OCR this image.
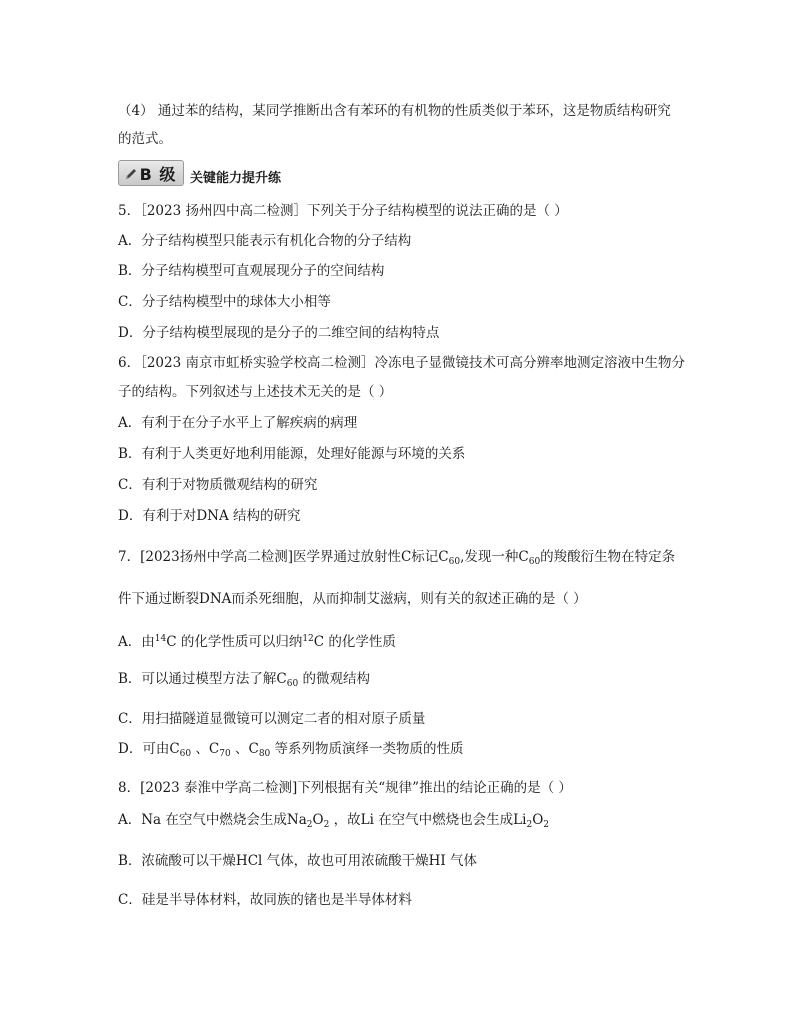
（4） 通过苯的结构，某同学推断出含有苯环的有机物的性质类似于苯环，这是物质结构研究
的范式。
B 级 关键能力提升练
5．［2023 扬州四中高二检测］下列关于分子结构模型的说法正确的是（ ）
A．分子结构模型只能表示有机化合物的分子结构
B．分子结构模型可直观展现分子的空间结构
C．分子结构模型中的球体大小相等
D．分子结构模型展现的是分子的二维空间的结构特点
6．［2023 南京市虹桥实验学校高二检测］冷冻电子显微镜技术可高分辨率地测定溶液中生物分
子的结构。下列叙述与上述技术无关的是（ ）
A．有利于在分子水平上了解疾病的病理
B．有利于人类更好地利用能源，处理好能源与环境的关系
C．有利于对物质微观结构的研究
D．有利于对DNA 结构的研究
7．[2023扬州中学高二检测]医学界通过放射性C标记$C_{60}$,发现一种$C_{60}$的羧酸衍生物在特定条
件下通过断裂DNA而杀死细胞，从而抑制艾滋病，则有关的叙述正确的是（ ）
A．由$^{14}$C 的化学性质可以归纳$^{12}$C 的化学性质
B．可以通过模型方法了解$C_{60}$ 的微观结构
C．用扫描隧道显微镜可以测定二者的相对原子质量
D．可由$C_{60}$ 、$C_{70}$ 、$C_{80}$ 等系列物质演绎一类物质的性质
8．[2023 泰淮中学高二检测]下列根据有关“规律”推出的结论正确的是（ ）
A．Na 在空气中燃烧会生成$Na_2O_2$ ，故Li 在空气中燃烧也会生成$Li_2O_2$
B．浓硫酸可以干燥HCl 气体，故也可用浓硫酸干燥HI 气体
C．硅是半导体材料，故同族的锗也是半导体材料
